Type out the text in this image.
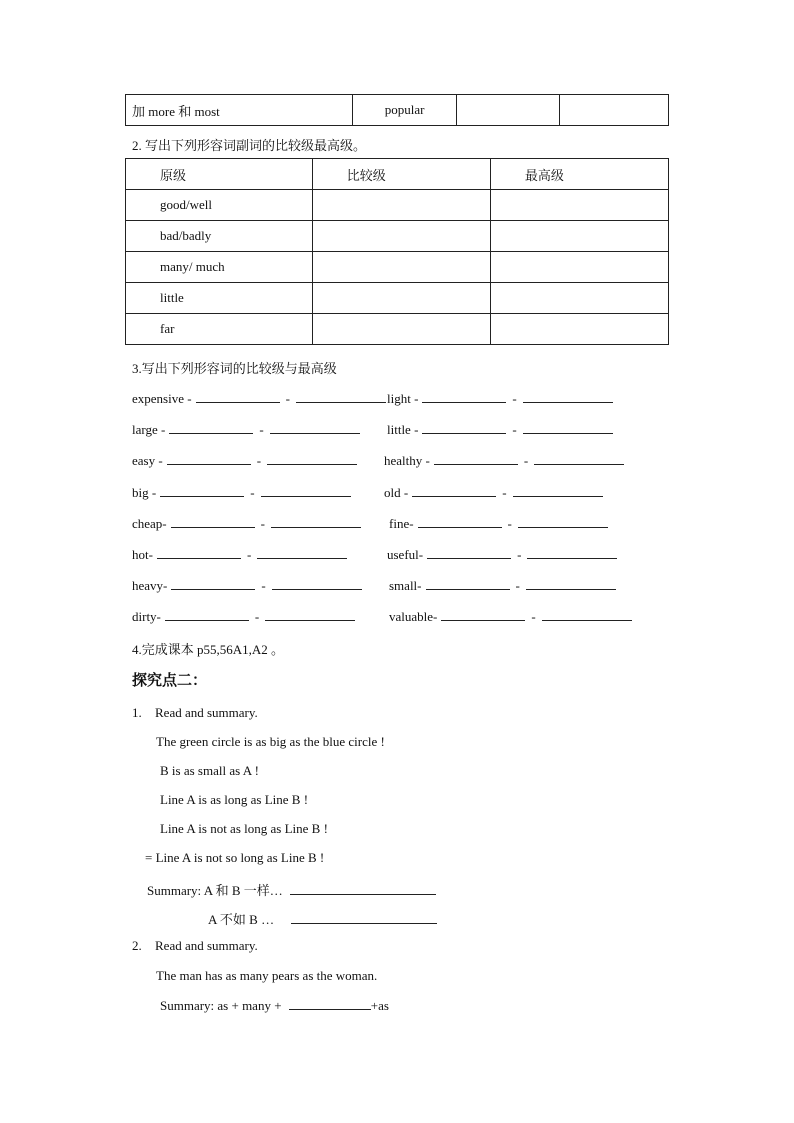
加 more 和 most	popular		
2. 写出下列形容词副词的比较级最高级。
原级	比较级	最高级
good/well		
bad/badly		
many/ much		
little		
far		
3.写出下列形容词的比较级与最高级
expensive -	-	light -	-
large -	-	little -	-
easy -	-	healthy -	-
big -	-	old -	-
cheap-	-	fine-	-
hot-	-	useful-	-
heavy-	-	small-	-
dirty-	-	valuable-	-
4.完成课本 p55,56A1,A2 。
探究点二：
1. Read and summary.
The green circle is as big as the blue circle !
B is as small as A !
Line A is as long as Line B !
Line A is not as long as Line B !
= Line A is not so long as Line B !
Summary: A 和 B 一样…
A 不如 B …
2. Read and summary.
The man has as many pears as the woman.
Summary: as + many +	+as
